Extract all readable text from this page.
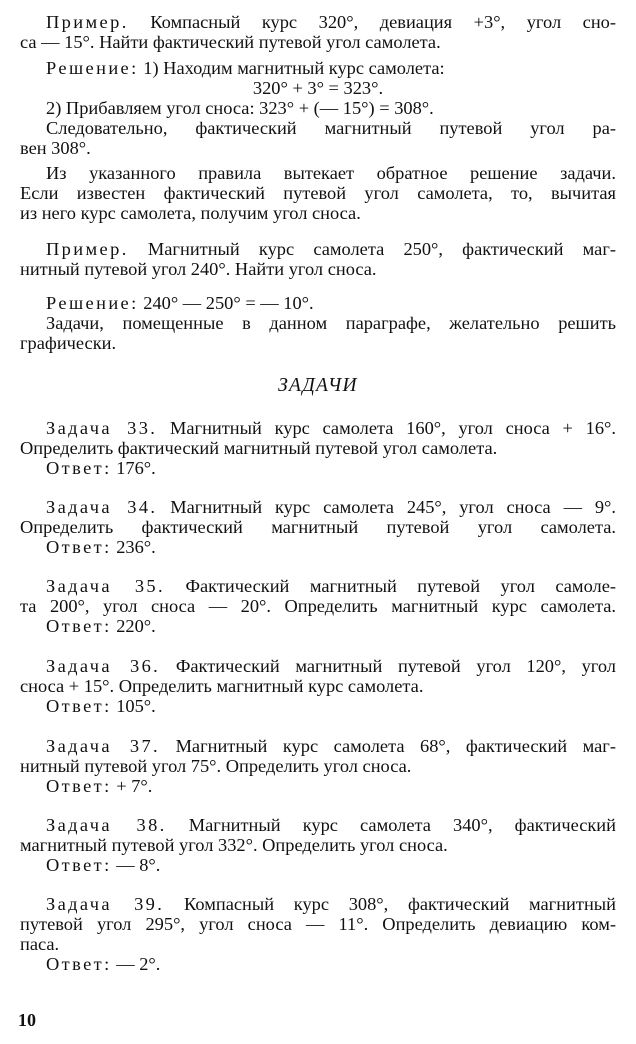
Пример. Компасный курс 320°, девиация +3°, угол сно-
са — 15°. Найти фактический путевой угол самолета.
Решение: 1) Находим магнитный курс самолета:
320° + 3° = 323°.
2) Прибавляем угол сноса: 323° + (— 15°) = 308°.
Следовательно, фактический магнитный путевой угол ра-
вен 308°.
Из указанного правила вытекает обратное решение задачи.
Если известен фактический путевой угол самолета, то, вычитая
из него курс самолета, получим угол сноса.
Пример. Магнитный курс самолета 250°, фактический маг-
нитный путевой угол 240°. Найти угол сноса.
Решение: 240° — 250° = — 10°.
Задачи, помещенные в данном параграфе, желательно решить
графически.
ЗАДАЧИ
Задача 33. Магнитный курс самолета 160°, угол сноса + 16°.
Определить фактический магнитный путевой угол самолета.
Ответ: 176°.
Задача 34. Магнитный курс самолета 245°, угол сноса — 9°.
Определить фактический магнитный путевой угол самолета.
Ответ: 236°.
Задача 35. Фактический магнитный путевой угол самоле-
та 200°, угол сноса — 20°. Определить магнитный курс самолета.
Ответ: 220°.
Задача 36. Фактический магнитный путевой угол 120°, угол
сноса + 15°. Определить магнитный курс самолета.
Ответ: 105°.
Задача 37. Магнитный курс самолета 68°, фактический маг-
нитный путевой угол 75°. Определить угол сноса.
Ответ: + 7°.
Задача 38. Магнитный курс самолета 340°, фактический
магнитный путевой угол 332°. Определить угол сноса.
Ответ: — 8°.
Задача 39. Компасный курс 308°, фактический магнитный
путевой угол 295°, угол сноса — 11°. Определить девиацию ком-
паса.
Ответ: — 2°.
10
